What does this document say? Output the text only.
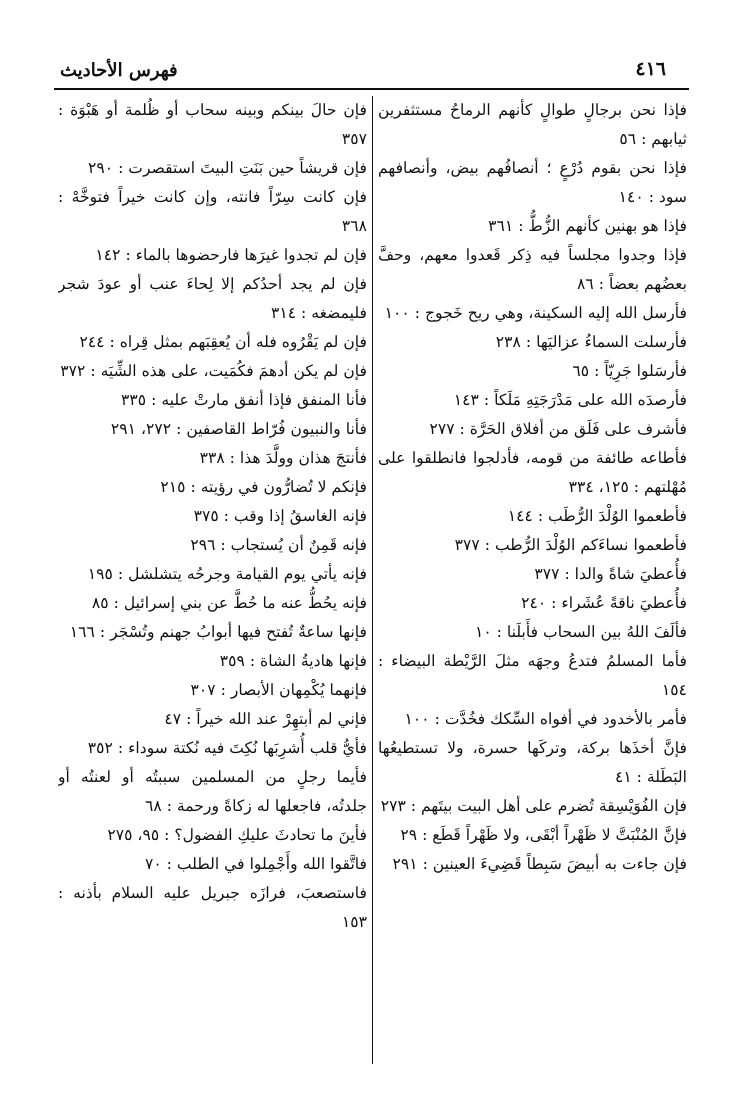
٤١٦
فهرس الأحاديث
فإذا نحن برجالٍ طوالٍ كأنهم الرماحُ مستثفرين ثيابهم : ٥٦
فإذا نحن بقوم دُرْعٍ ؛ أنصافُهم بيض، وأنصافهم سود : ١٤٠
فإذا هو بهنين كأنهم الزُّطُّ : ٣٦١
فإذا وجدوا مجلساً فيه ذِكر قَعدوا معهم، وحفَّ بعضُهم بعضاً : ٨٦
فأرسل الله إليه السكينة، وهي ريح خَجوج : ١٠٠
فأرسلت السماءُ عزاليَها : ٢٣٨
فأرسَلوا جَرِيّاً : ٦٥
فأرصدَه الله على مَدْرَجَتِهِ مَلَكاً : ١٤٣
فأشرف على فَلَق من أفلاق الحَرَّة : ٢٧٧
فأطاعه طائفة من قومه، فأدلجوا فانطلقوا على مُهْلتهم : ١٢٥، ٣٣٤
فأطعموا الوُلْدَ الرُّطَب : ١٤٤
فأطعموا نساءَكم الوُلْدَ الرُّطب : ٣٧٧
فأُعطيَ شاةً والدا : ٣٧٧
فأُعطيَ ناقةً عُشَراء : ٢٤٠
فألَفَ اللهُ بين السحاب فأَبلَنا : ١٠
فأما المسلمُ فتدعُ وجهَه مثلَ الرَّيْطة البيضاء : ١٥٤
فأمر بالأخدود في أفواه السِّكك فخُدَّت : ١٠٠
فإنَّ أخذَها بركة، وتركَها حسرة، ولا تستطيعُها البَطَلة : ٤١
فإن الفُوَيْسِقة تُضرم على أهل البيت بيتَهم : ٢٧٣
فإنَّ المُنْبَتَّ لا ظَهْراً أبْقَى، ولا ظَهْراً قَطَع : ٢٩
فإن جاءت به أبيضَ سَبِطاً قَضِيءَ العينين : ٢٩١
فإن حالَ بينكم وبينه سحاب أو ظُلمة أو هَبْوَة : ٣٥٧
فإن قريشاً حين بَنَتِ البيتَ استقصرت : ٢٩٠
فإن كانت سِرّاً فانته، وإن كانت خيراً فتوخَّهْ : ٣٦٨
فإن لم تجدوا غيرَها فارحضوها بالماء : ١٤٢
فإن لم يجد أحدُكم إلا لِحاءَ عنب أو عودَ شجر فليمضغه : ٣١٤
فإن لم يَقْرُوه فله أن يُعقِبَهم بمثل قِراه : ٢٤٤
فإن لم يكن أدهمَ فكُمَيت، على هذه الشِّيَه : ٣٧٢
فأنا المنفق فإذا أنفق مارتْ عليه : ٣٣٥
فأنا والنبيون فُرّاط القاصفين : ٢٧٢، ٢٩١
فأنتجَ هذان وولَّدَ هذا : ٣٣٨
فإنكم لا تُضارُّون في رؤيته : ٢١٥
فإنه الغاسقُ إذا وقب : ٣٧٥
فإنه قَمِنٌ أن يُستجاب : ٢٩٦
فإنه يأتي يوم القيامة وجرحُه يتشلشل : ١٩٥
فإنه يحُطُّ عنه ما حُطَّ عن بني إسرائيل : ٨٥
فإنها ساعةٌ تُفتح فيها أبوابُ جهنم وتُسْجَر : ١٦٦
فإنها هاديةُ الشاة : ٣٥٩
فإنهما يُكْمِهان الأبصار : ٣٠٧
فإني لم أبتهِرْ عند الله خيراً : ٤٧
فأيُّ قلب أُشرِبَها نُكِتَ فيه نُكتة سوداء : ٣٥٢
فأيما رجلٍ من المسلمين سببتُه أو لعنتُه أو جلدتُه، فاجعلها له زكاةً ورحمة : ٦٨
فأينَ ما تحادثَ عليكِ الفضول؟ : ٩٥، ٢٧٥
فاتَّقوا الله وأَجْمِلوا في الطلب : ٧٠
فاستصعبَ، فرازَه جبريل عليه السلام بأذنه : ١٥٣
